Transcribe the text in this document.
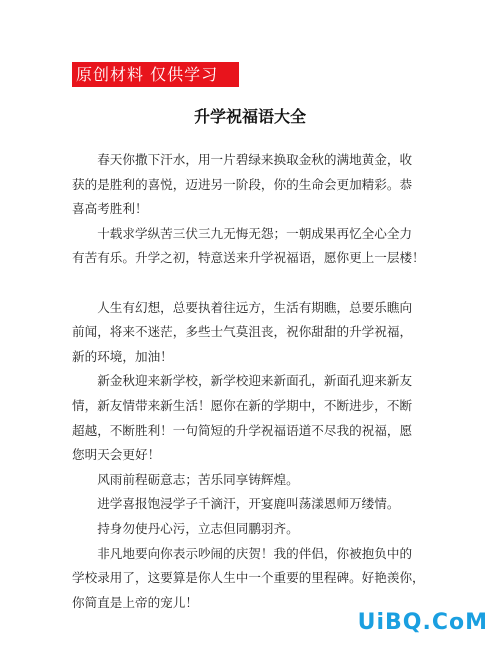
原创材料 仅供学习
升学祝福语大全
　　春天你撒下汗水，用一片碧绿来换取金秋的满地黄金，收
获的是胜利的喜悦，迈进另一阶段，你的生命会更加精彩。恭
喜高考胜利！
　　十载求学纵苦三伏三九无悔无怨；一朝成果再忆全心全力
有苦有乐。升学之初，特意送来升学祝福语，愿你更上一层楼！
　　人生有幻想，总要执着往远方，生活有期瞧，总要乐瞧向
前闻，将来不迷茫，多些士气莫沮丧，祝你甜甜的升学祝福，
新的环境，加油！
　　新金秋迎来新学校，新学校迎来新面孔，新面孔迎来新友
情，新友情带来新生活！愿你在新的学期中，不断进步，不断
超越，不断胜利！一句简短的升学祝福语道不尽我的祝福，愿
您明天会更好！
　　风雨前程砺意志；苦乐同享铸辉煌。
　　进学喜报饱浸学子千滴汗，开宴鹿叫荡漾恩师万缕情。
　　持身勿使丹心污，立志但同鹏羽齐。
　　非凡地要向你表示吵闹的庆贺！我的伴侣，你被抱负中的
学校录用了，这要算是你人生中一个重要的里程碑。好艳羡你，
你简直是上帝的宠儿！
UiBQ.CoM
